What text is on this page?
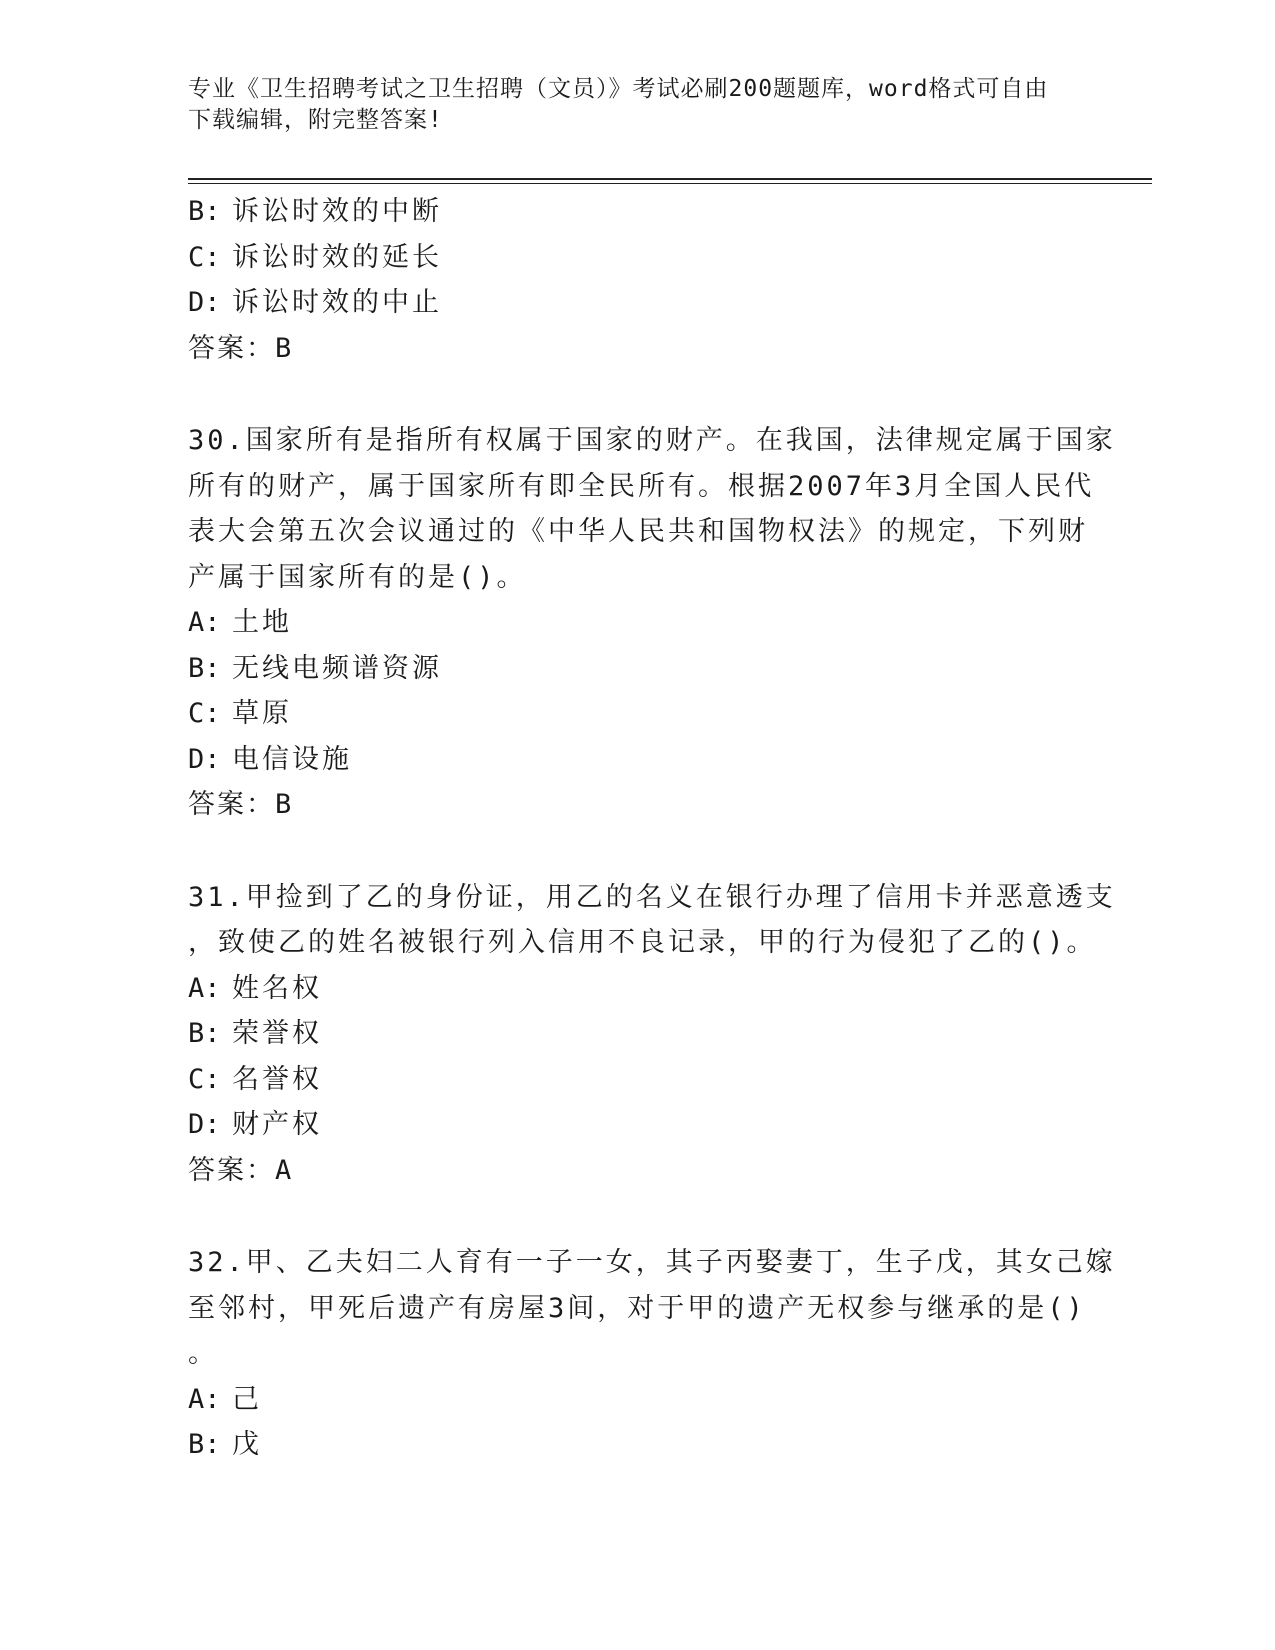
专业《卫生招聘考试之卫生招聘（文员）》考试必刷200题题库，word格式可自由下载编辑，附完整答案!
B: 诉讼时效的中断
C: 诉讼时效的延长
D: 诉讼时效的中止
答案：B
30.国家所有是指所有权属于国家的财产。在我国，法律规定属于国家
所有的财产，属于国家所有即全民所有。根据2007年3月全国人民代
表大会第五次会议通过的《中华人民共和国物权法》的规定，下列财
产属于国家所有的是()。
A: 土地
B: 无线电频谱资源
C: 草原
D: 电信设施
答案：B
31.甲捡到了乙的身份证，用乙的名义在银行办理了信用卡并恶意透支
，致使乙的姓名被银行列入信用不良记录，甲的行为侵犯了乙的()。
A: 姓名权
B: 荣誉权
C: 名誉权
D: 财产权
答案：A
32.甲、乙夫妇二人育有一子一女，其子丙娶妻丁，生子戊，其女己嫁
至邻村，甲死后遗产有房屋3间，对于甲的遗产无权参与继承的是()
。
A: 己
B: 戊
